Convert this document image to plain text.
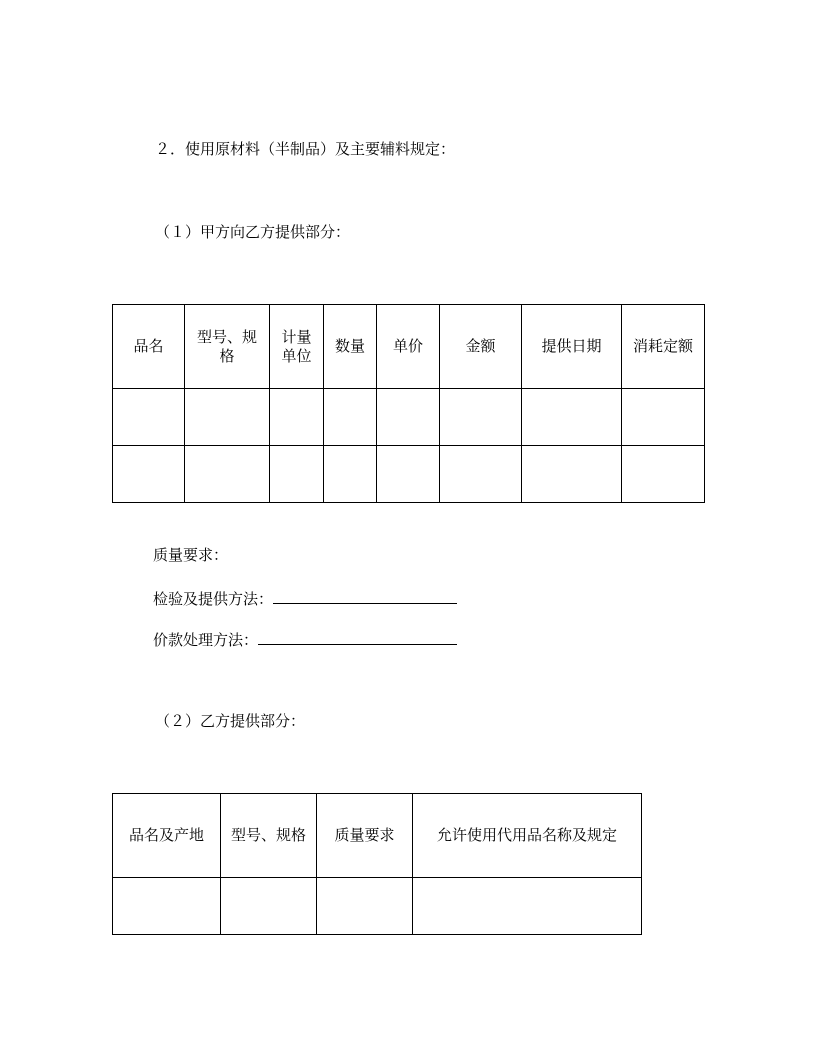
２．使用原材料（半制品）及主要辅料规定：
（１）甲方向乙方提供部分：
品名	型号、规格	计量单位	数量	单价	金额	提供日期	消耗定额

质量要求：
检验及提供方法：
价款处理方法：
（２）乙方提供部分：
品名及产地	型号、规格	质量要求	允许使用代用品名称及规定
